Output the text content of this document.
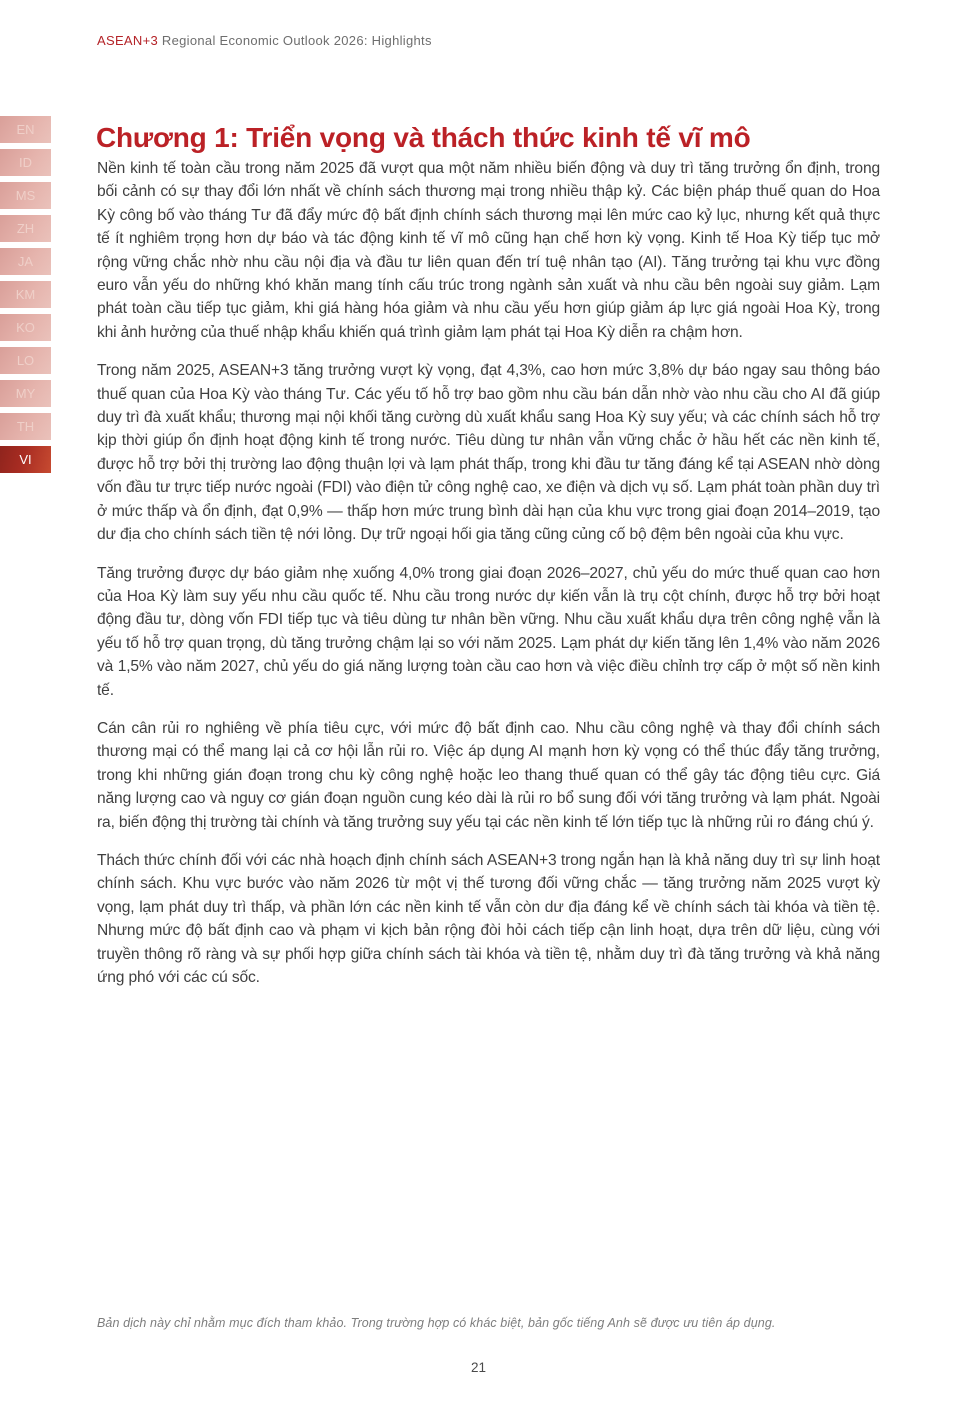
ASEAN+3 Regional Economic Outlook 2026: Highlights
EN
ID
MS
ZH
JA
KM
KO
LO
MY
TH
VI
Chương 1: Triển vọng và thách thức kinh tế vĩ mô

Nền kinh tế toàn cầu trong năm 2025 đã vượt qua một năm nhiều biến động và duy trì tăng trưởng ổn định, trong bối cảnh có sự thay đổi lớn nhất về chính sách thương mại trong nhiều thập kỷ. Các biện pháp thuế quan do Hoa Kỳ công bố vào tháng Tư đã đẩy mức độ bất định chính sách thương mại lên mức cao kỷ lục, nhưng kết quả thực tế ít nghiêm trọng hơn dự báo và tác động kinh tế vĩ mô cũng hạn chế hơn kỳ vọng. Kinh tế Hoa Kỳ tiếp tục mở rộng vững chắc nhờ nhu cầu nội địa và đầu tư liên quan đến trí tuệ nhân tạo (AI). Tăng trưởng tại khu vực đồng euro vẫn yếu do những khó khăn mang tính cấu trúc trong ngành sản xuất và nhu cầu bên ngoài suy giảm. Lạm phát toàn cầu tiếp tục giảm, khi giá hàng hóa giảm và nhu cầu yếu hơn giúp giảm áp lực giá ngoài Hoa Kỳ, trong khi ảnh hưởng của thuế nhập khẩu khiến quá trình giảm lạm phát tại Hoa Kỳ diễn ra chậm hơn.

Trong năm 2025, ASEAN+3 tăng trưởng vượt kỳ vọng, đạt 4,3%, cao hơn mức 3,8% dự báo ngay sau thông báo thuế quan của Hoa Kỳ vào tháng Tư. Các yếu tố hỗ trợ bao gồm nhu cầu bán dẫn nhờ vào nhu cầu cho AI đã giúp duy trì đà xuất khẩu; thương mại nội khối tăng cường dù xuất khẩu sang Hoa Kỳ suy yếu; và các chính sách hỗ trợ kịp thời giúp ổn định hoạt động kinh tế trong nước. Tiêu dùng tư nhân vẫn vững chắc ở hầu hết các nền kinh tế, được hỗ trợ bởi thị trường lao động thuận lợi và lạm phát thấp, trong khi đầu tư tăng đáng kể tại ASEAN nhờ dòng vốn đầu tư trực tiếp nước ngoài (FDI) vào điện tử công nghệ cao, xe điện và dịch vụ số. Lạm phát toàn phần duy trì ở mức thấp và ổn định, đạt 0,9% — thấp hơn mức trung bình dài hạn của khu vực trong giai đoạn 2014–2019, tạo dư địa cho chính sách tiền tệ nới lỏng. Dự trữ ngoại hối gia tăng cũng củng cố bộ đệm bên ngoài của khu vực.

Tăng trưởng được dự báo giảm nhẹ xuống 4,0% trong giai đoạn 2026–2027, chủ yếu do mức thuế quan cao hơn của Hoa Kỳ làm suy yếu nhu cầu quốc tế. Nhu cầu trong nước dự kiến vẫn là trụ cột chính, được hỗ trợ bởi hoạt động đầu tư, dòng vốn FDI tiếp tục và tiêu dùng tư nhân bền vững. Nhu cầu xuất khẩu dựa trên công nghệ vẫn là yếu tố hỗ trợ quan trọng, dù tăng trưởng chậm lại so với năm 2025. Lạm phát dự kiến tăng lên 1,4% vào năm 2026 và 1,5% vào năm 2027, chủ yếu do giá năng lượng toàn cầu cao hơn và việc điều chỉnh trợ cấp ở một số nền kinh tế.

Cán cân rủi ro nghiêng về phía tiêu cực, với mức độ bất định cao. Nhu cầu công nghệ và thay đổi chính sách thương mại có thể mang lại cả cơ hội lẫn rủi ro. Việc áp dụng AI mạnh hơn kỳ vọng có thể thúc đẩy tăng trưởng, trong khi những gián đoạn trong chu kỳ công nghệ hoặc leo thang thuế quan có thể gây tác động tiêu cực. Giá năng lượng cao và nguy cơ gián đoạn nguồn cung kéo dài là rủi ro bổ sung đối với tăng trưởng và lạm phát. Ngoài ra, biến động thị trường tài chính và tăng trưởng suy yếu tại các nền kinh tế lớn tiếp tục là những rủi ro đáng chú ý.

Thách thức chính đối với các nhà hoạch định chính sách ASEAN+3 trong ngắn hạn là khả năng duy trì sự linh hoạt chính sách. Khu vực bước vào năm 2026 từ một vị thế tương đối vững chắc — tăng trưởng năm 2025 vượt kỳ vọng, lạm phát duy trì thấp, và phần lớn các nền kinh tế vẫn còn dư địa đáng kể về chính sách tài khóa và tiền tệ. Nhưng mức độ bất định cao và phạm vi kịch bản rộng đòi hỏi cách tiếp cận linh hoạt, dựa trên dữ liệu, cùng với truyền thông rõ ràng và sự phối hợp giữa chính sách tài khóa và tiền tệ, nhằm duy trì đà tăng trưởng và khả năng ứng phó với các cú sốc.

Bản dịch này chỉ nhằm mục đích tham khảo. Trong trường hợp có khác biệt, bản gốc tiếng Anh sẽ được ưu tiên áp dụng.
21
